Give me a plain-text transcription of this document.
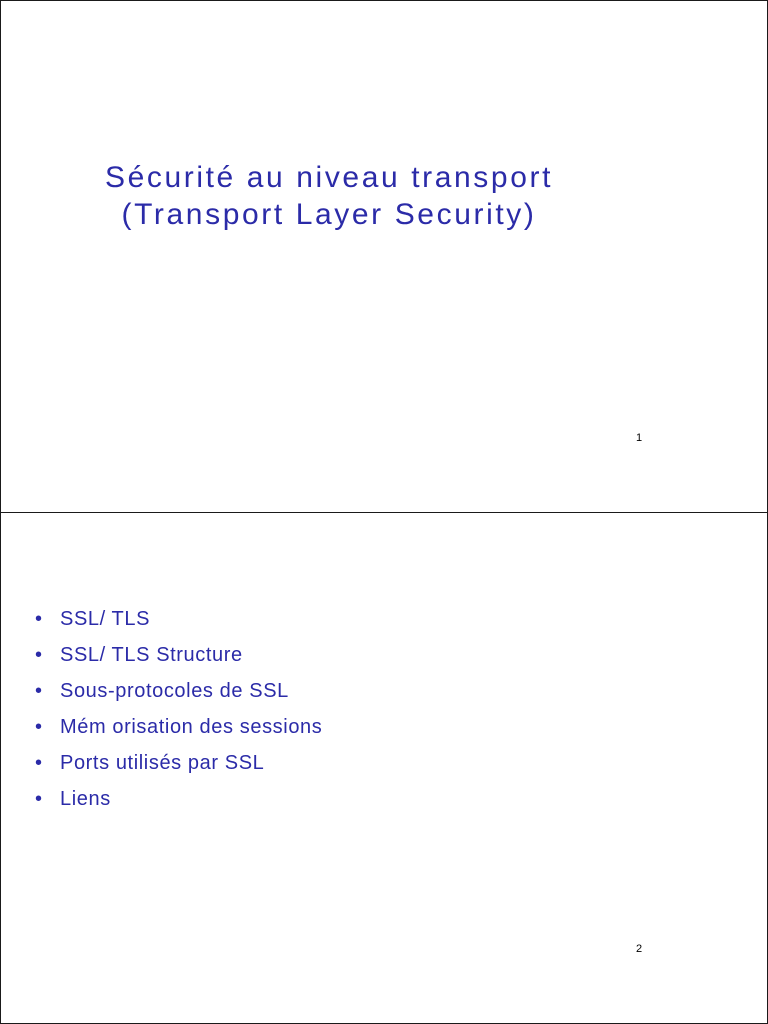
Sécurité au niveau transport
(Transport Layer Security)
1
• SSL/ TLS
• SSL/ TLS Structure
• Sous-protocoles de SSL
• Mém orisation des sessions
• Ports utilisés par SSL
• Liens
2
